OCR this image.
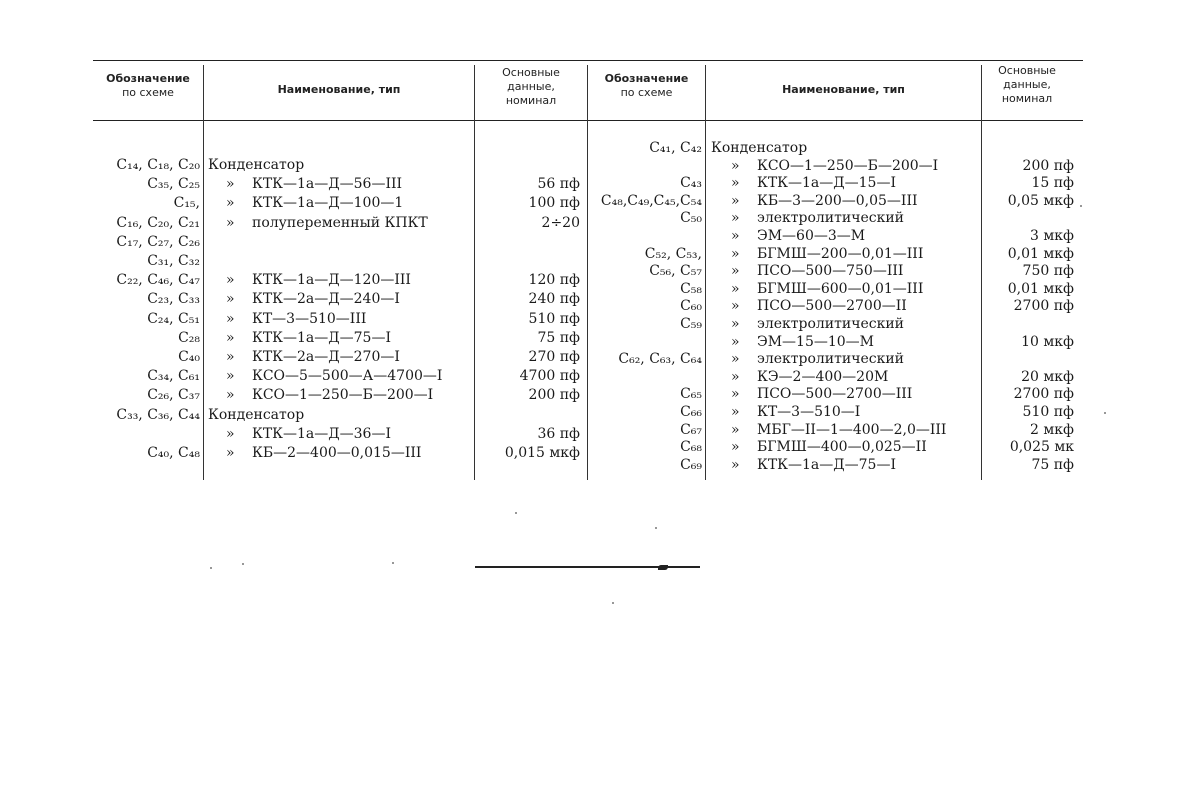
Обозначение
по схеме	Наименование, тип
Основные
данные,
номинал
Обозначение
по схеме	Наименование, тип
Основные
данные,
номинал
C₁₄, C₁₈, C₂₀ Конденсатор
C₃₅, C₂₅ » КТК—1а—Д—56—III	56 пф
C₁₅, » КТК—1а—Д—100—1	100 пф
C₁₆, C₂₀, C₂₁ » полупеременный КПКТ	2÷20
C₁₇, C₂₇, C₂₆
C₃₁, C₃₂
C₂₂, C₄₆, C₄₇ » КТК—1а—Д—120—III	120 пф
C₂₃, C₃₃ » КТК—2а—Д—240—I	240 пф
C₂₄, C₅₁ » КТ—3—510—III	510 пф
C₂₈ » КТК—1а—Д—75—I	75 пф
C₄₀ » КТК—2а—Д—270—I	270 пф
C₃₄, C₆₁ » КСО—5—500—А—4700—I	4700 пф
C₂₆, C₃₇ » КСО—1—250—Б—200—I	200 пф
C₃₃, C₃₆, C₄₄ Конденсатор
» КТК—1а—Д—36—I	36 пф
C₄₀, C₄₈ » КБ—2—400—0,015—III	0,015 мкф
C₄₁, C₄₂ Конденсатор
» КСО—1—250—Б—200—I	200 пф
C₄₃ » КТК—1а—Д—15—I	15 пф
C₄₈,C₄₉,C₄₅,C₅₄ » КБ—3—200—0,05—III	0,05 мкф
C₅₀ » электролитический
» ЭМ—60—3—М	3 мкф
C₅₂, C₅₃, » БГМШ—200—0,01—III	0,01 мкф
C₅₆, C₅₇ » ПСО—500—750—III	750 пф
C₅₈ » БГМШ—600—0,01—III	0,01 мкф
C₆₀ » ПСО—500—2700—II	2700 пф
C₅₉ » электролитический
» ЭМ—15—10—М	10 мкф
C₆₂, C₆₃, C₆₄ » электролитический
» КЭ—2—400—20М	20 мкф
C₆₅ » ПСО—500—2700—III	2700 пф
C₆₆ » КТ—3—510—I	510 пф
C₆₇ » МБГ—II—1—400—2,0—III	2 мкф
C₆₈ » БГМШ—400—0,025—II	0,025 мк
C₆₉ » КТК—1а—Д—75—I	75 пф
